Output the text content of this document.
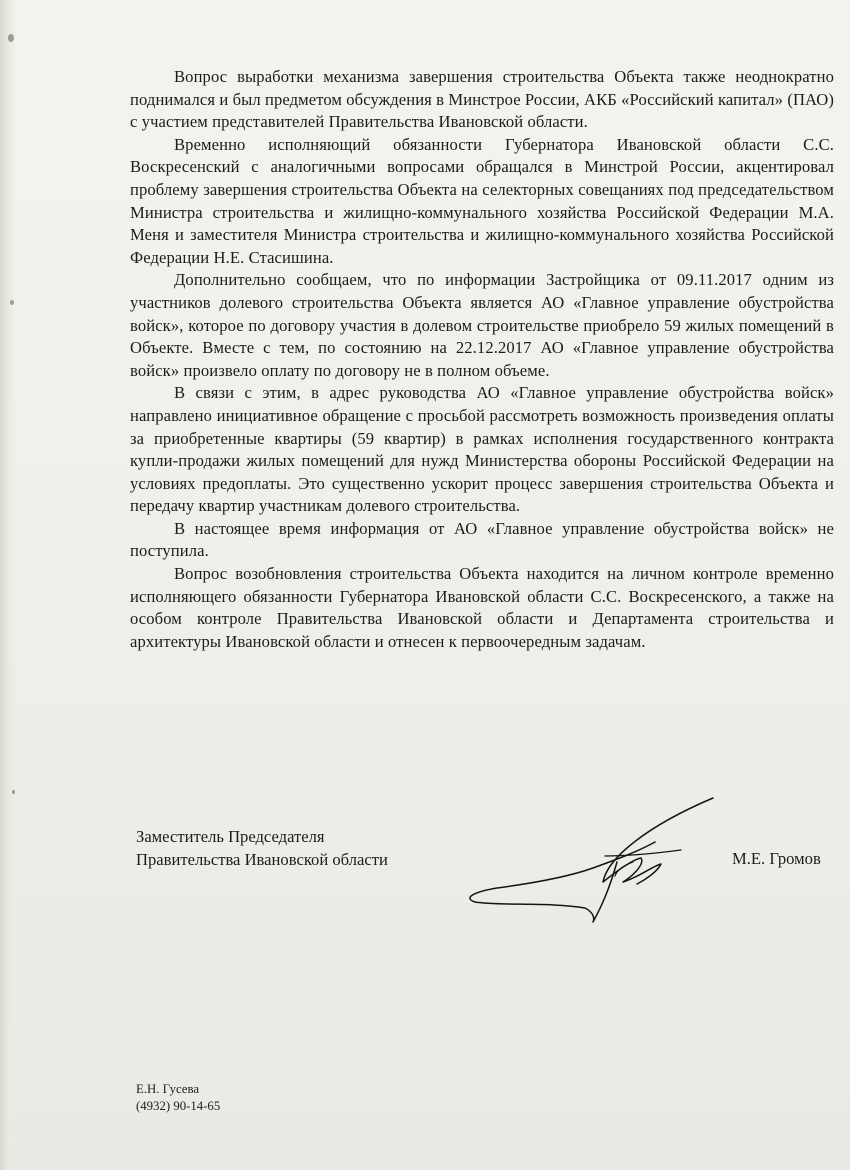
Вопрос выработки механизма завершения строительства Объекта также неоднократно поднимался и был предметом обсуждения в Минстрое России, АКБ «Российский капитал» (ПАО) с участием представителей Правительства Ивановской области.

Временно исполняющий обязанности Губернатора Ивановской области С.С. Воскресенский с аналогичными вопросами обращался в Минстрой России, акцентировал проблему завершения строительства Объекта на селекторных совещаниях под председательством Министра строительства и жилищно-коммунального хозяйства Российской Федерации М.А. Меня и заместителя Министра строительства и жилищно-коммунального хозяйства Российской Федерации Н.Е. Стасишина.

Дополнительно сообщаем, что по информации Застройщика от 09.11.2017 одним из участников долевого строительства Объекта является АО «Главное управление обустройства войск», которое по договору участия в долевом строительстве приобрело 59 жилых помещений в Объекте. Вместе с тем, по состоянию на 22.12.2017 АО «Главное управление обустройства войск» произвело оплату по договору не в полном объеме.

В связи с этим, в адрес руководства АО «Главное управление обустройства войск» направлено инициативное обращение с просьбой рассмотреть возможность произведения оплаты за приобретенные квартиры (59 квартир) в рамках исполнения государственного контракта купли-продажи жилых помещений для нужд Министерства обороны Российской Федерации на условиях предоплаты. Это существенно ускорит процесс завершения строительства Объекта и передачу квартир участникам долевого строительства.

В настоящее время информация от АО «Главное управление обустройства войск» не поступила.

Вопрос возобновления строительства Объекта находится на личном контроле временно исполняющего обязанности Губернатора Ивановской области С.С. Воскресенского, а также на особом контроле Правительства Ивановской области и Департамента строительства и архитектуры Ивановской области и отнесен к первоочередным задачам.

Заместитель Председателя
Правительства Ивановской области	М.Е. Громов
Е.Н. Гусева
(4932) 90-14-65
